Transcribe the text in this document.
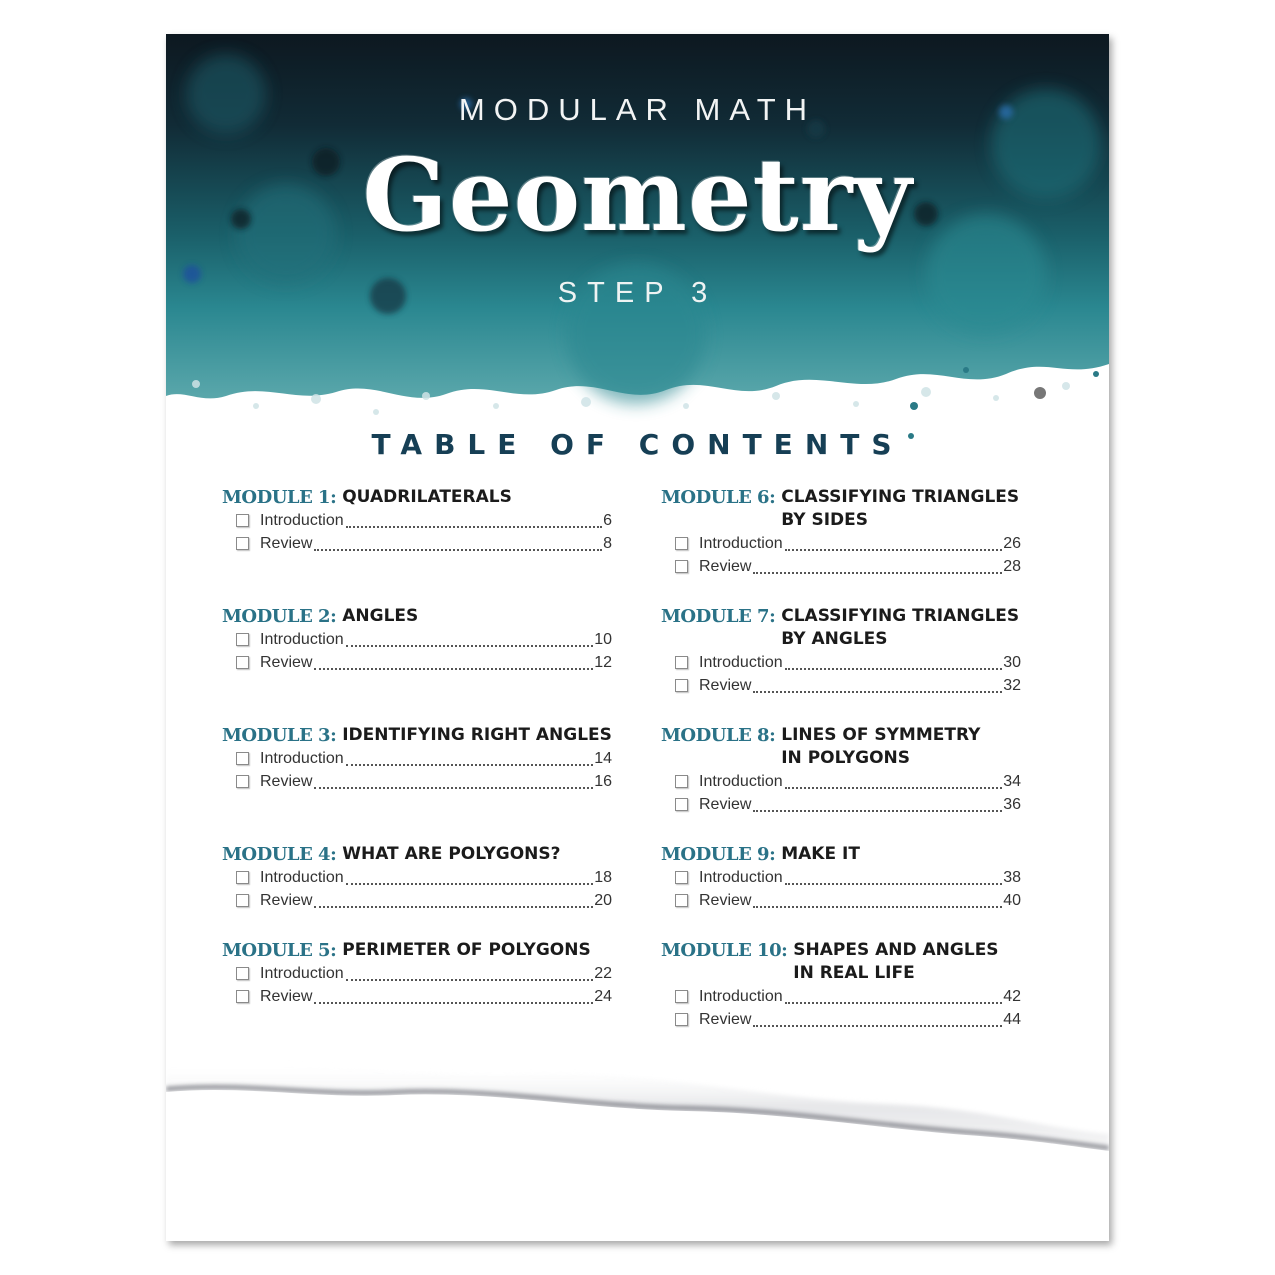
MODULAR MATH
Geometry
STEP 3
TABLE OF CONTENTS
MODULE 1: QUADRILATERALS
Introduction	6
Review	8
MODULE 2: ANGLES
Introduction	10
Review	12
MODULE 3: IDENTIFYING RIGHT ANGLES
Introduction	14
Review	16
MODULE 4: WHAT ARE POLYGONS?
Introduction	18
Review	20
MODULE 5: PERIMETER OF POLYGONS
Introduction	22
Review	24
MODULE 6: CLASSIFYING TRIANGLES
BY SIDES
Introduction	26
Review	28
MODULE 7: CLASSIFYING TRIANGLES
BY ANGLES
Introduction	30
Review	32
MODULE 8: LINES OF SYMMETRY
IN POLYGONS
Introduction	34
Review	36
MODULE 9: MAKE IT
Introduction	38
Review	40
MODULE 10: SHAPES AND ANGLES
IN REAL LIFE
Introduction	42
Review	44
